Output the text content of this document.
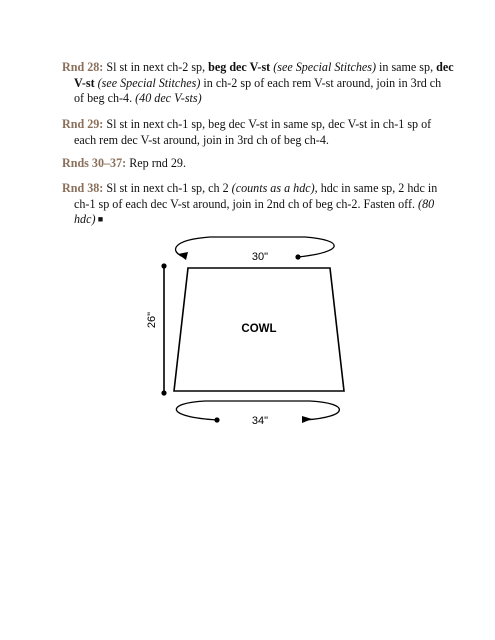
Rnd 28: Sl st in next ch-2 sp, beg dec V-st (see Special Stitches) in same sp, dec V-st (see Special Stitches) in ch-2 sp of each rem V-st around, join in 3rd ch of beg ch-4. (40 dec V-sts)

Rnd 29: Sl st in next ch-1 sp, beg dec V-st in same sp, dec V-st in ch-1 sp of each rem dec V-st around, join in 3rd ch of beg ch-4.

Rnds 30–37: Rep rnd 29.

Rnd 38: Sl st in next ch-1 sp, ch 2 (counts as a hdc), hdc in same sp, 2 hdc in ch-1 sp of each dec V-st around, join in 2nd ch of beg ch-2. Fasten off. (80 hdc) ■

30"
COWL
26"
34"
